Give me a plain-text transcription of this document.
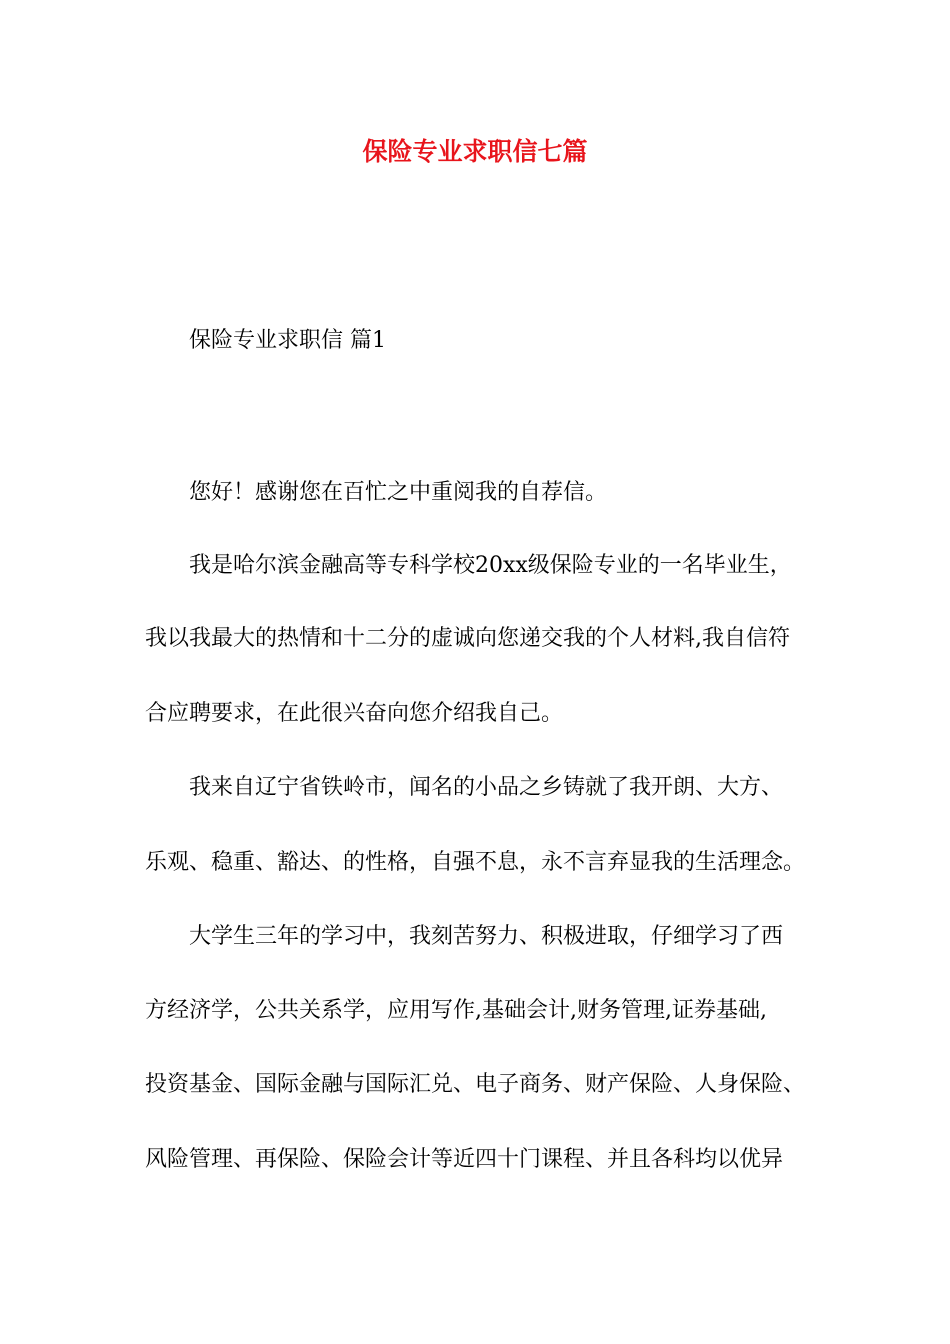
保险专业求职信七篇
保险专业求职信 篇1
您好！感谢您在百忙之中重阅我的自荐信。
我是哈尔滨金融高等专科学校20xx级保险专业的一名毕业生，
我以我最大的热情和十二分的虚诚向您递交我的个人材料,我自信符
合应聘要求，在此很兴奋向您介绍我自己。
我来自辽宁省铁岭市，闻名的小品之乡铸就了我开朗、大方、
乐观、稳重、豁达、的性格，自强不息，永不言弃显我的生活理念。
大学生三年的学习中，我刻苦努力、积极进取，仔细学习了西
方经济学，公共关系学，应用写作,基础会计,财务管理,证券基础,
投资基金、国际金融与国际汇兑、电子商务、财产保险、人身保险、
风险管理、再保险、保险会计等近四十门课程、并且各科均以优异
